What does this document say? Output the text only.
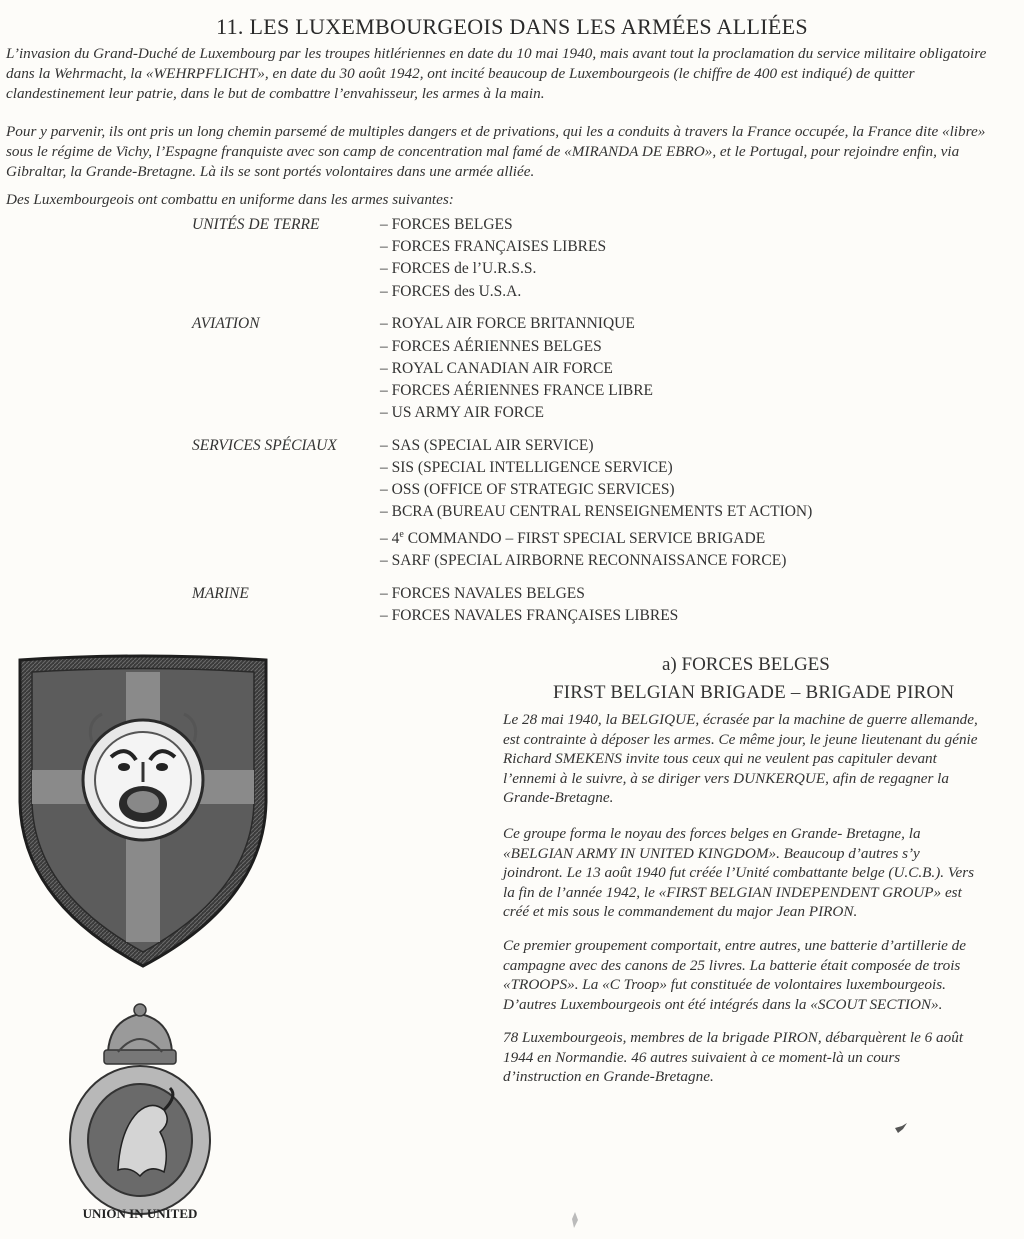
11. LES LUXEMBOURGEOIS DANS LES ARMÉES ALLIÉES

L’invasion du Grand-Duché de Luxembourg par les troupes hitlériennes en date du 10 mai 1940, mais avant tout la proclamation du service militaire obligatoire dans la Wehrmacht, la «WEHRPFLICHT», en date du 30 août 1942, ont incité beaucoup de Luxembourgeois (le chiffre de 400 est indiqué) de quitter clandestinement leur patrie, dans le but de combattre l’envahisseur, les armes à la main.

Pour y parvenir, ils ont pris un long chemin parsemé de multiples dangers et de privations, qui les a conduits à travers la France occupée, la France dite «libre» sous le régime de Vichy, l’Espagne franquiste avec son camp de concentration mal famé de «MIRANDA DE EBRO», et le Portugal, pour rejoindre enfin, via Gibraltar, la Grande-Bretagne. Là ils se sont portés volontaires dans une armée alliée.

Des Luxembourgeois ont combattu en uniforme dans les armes suivantes:

UNITÉS DE TERRE	– FORCES BELGES
– FORCES FRANÇAISES LIBRES
– FORCES de l’U.R.S.S.
– FORCES des U.S.A.
AVIATION	– ROYAL AIR FORCE BRITANNIQUE
– FORCES AÉRIENNES BELGES
– ROYAL CANADIAN AIR FORCE
– FORCES AÉRIENNES FRANCE LIBRE
– US ARMY AIR FORCE
SERVICES SPÉCIAUX	– SAS (SPECIAL AIR SERVICE)
– SIS (SPECIAL INTELLIGENCE SERVICE)
– OSS (OFFICE OF STRATEGIC SERVICES)
– BCRA (BUREAU CENTRAL RENSEIGNEMENTS ET ACTION)
– 4e COMMANDO – FIRST SPECIAL SERVICE BRIGADE
– SARF (SPECIAL AIRBORNE RECONNAISSANCE FORCE)
MARINE	– FORCES NAVALES BELGES
– FORCES NAVALES FRANÇAISES LIBRES
UNION IN UNITED
a) FORCES BELGES
FIRST BELGIAN BRIGADE – BRIGADE PIRON

Le 28 mai 1940, la BELGIQUE, écrasée par la machine de guerre allemande, est contrainte à déposer les armes. Ce même jour, le jeune lieutenant du génie Richard SMEKENS invite tous ceux qui ne veulent pas capituler devant l’ennemi à le suivre, à se diriger vers DUNKERQUE, afin de regagner la Grande-Bretagne.

Ce groupe forma le noyau des forces belges en Grande- Bretagne, la «BELGIAN ARMY IN UNITED KINGDOM». Beaucoup d’autres s’y joindront. Le 13 août 1940 fut créée l’Unité combattante belge (U.C.B.). Vers la fin de l’année 1942, le «FIRST BELGIAN INDEPENDENT GROUP» est créé et mis sous le commandement du major Jean PIRON.

Ce premier groupement comportait, entre autres, une batterie d’artillerie de campagne avec des canons de 25 livres. La batterie était composée de trois «TROOPS». La «C Troop» fut constituée de volontaires luxembourgeois. D’autres Luxembourgeois ont été intégrés dans la «SCOUT SECTION».

78 Luxembourgeois, membres de la brigade PIRON, débarquèrent le 6 août 1944 en Normandie. 46 autres suivaient à ce moment-là un cours d’instruction en Grande-Bretagne.
